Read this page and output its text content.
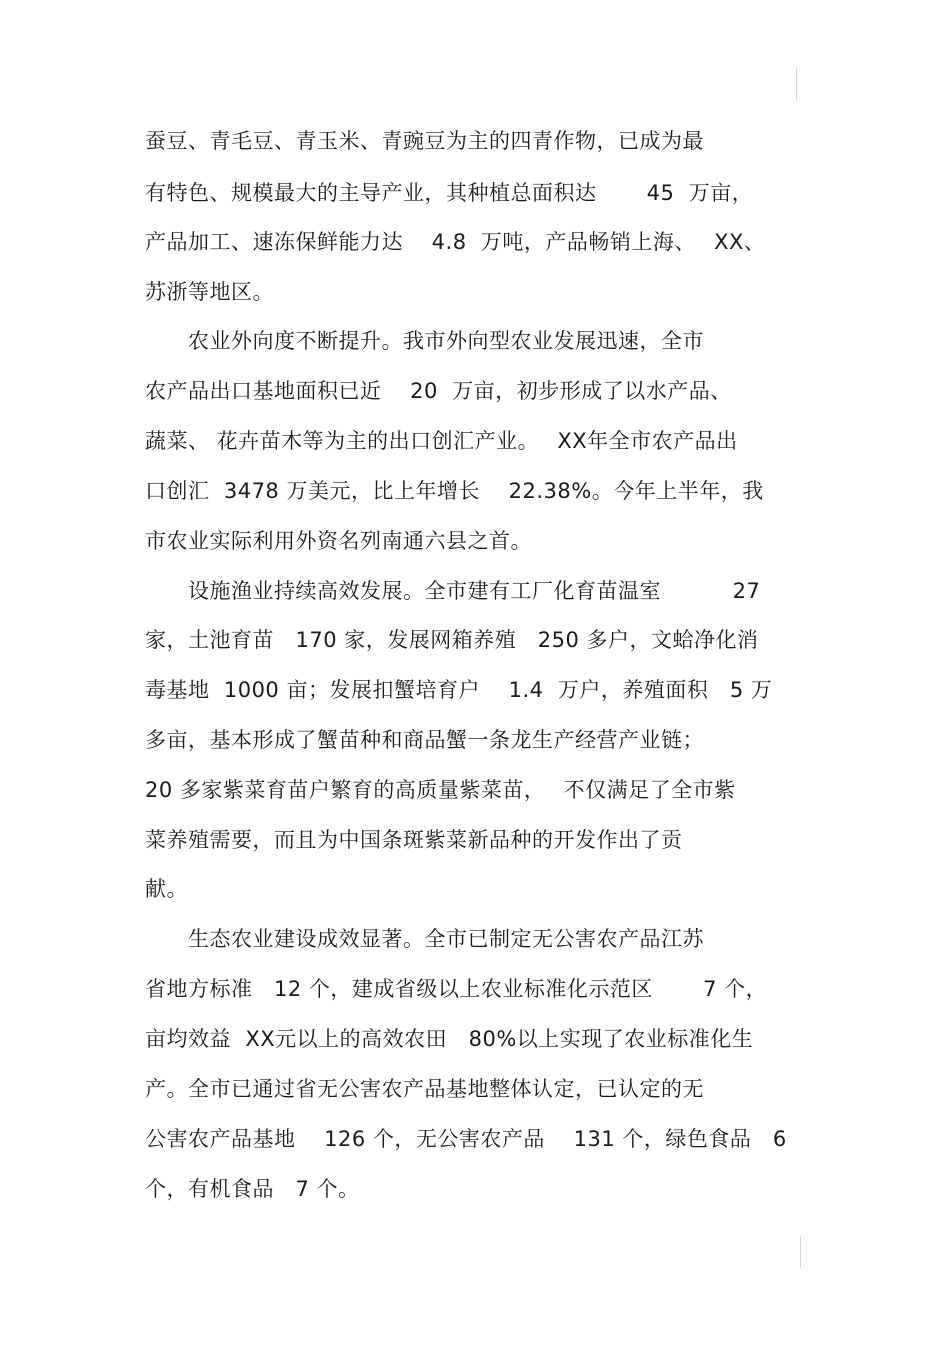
蚕豆、青毛豆、青玉米、青豌豆为主的四青作物，已成为最
有特色、规模最大的主导产业，其种植总面积达　　 45  万亩，
产品加工、速冻保鲜能力达　 4.8  万吨，产品畅销上海、　 XX、
苏浙等地区。
　　农业外向度不断提升。我市外向型农业发展迅速，全市
农产品出口基地面积已近　 20  万亩，初步形成了以水产品、
蔬菜、 花卉苗木等为主的出口创汇产业。　 XX年全市农产品出
口创汇  3478 万美元，比上年增长　 22.38%。今年上半年，我
市农业实际利用外资名列南通六县之首。
　　设施渔业持续高效发展。全市建有工厂化育苗温室　　　 27
家，土池育苗　170 家，发展网箱养殖　250 多户，文蛤净化消
毒基地  1000 亩；发展扣蟹培育户　 1.4  万户，养殖面积　5 万
多亩，基本形成了蟹苗种和商品蟹一条龙生产经营产业链；
20 多家紫菜育苗户繁育的高质量紫菜苗，　 不仅满足了全市紫
菜养殖需要，而且为中国条斑紫菜新品种的开发作出了贡
献。
　　生态农业建设成效显著。全市已制定无公害农产品江苏
省地方标准　12 个，建成省级以上农业标准化示范区　　 7 个，
亩均效益  XX元以上的高效农田　80%以上实现了农业标准化生
产。全市已通过省无公害农产品基地整体认定，已认定的无
公害农产品基地　 126 个，无公害农产品　 131 个，绿色食品　6
个，有机食品　7 个。
